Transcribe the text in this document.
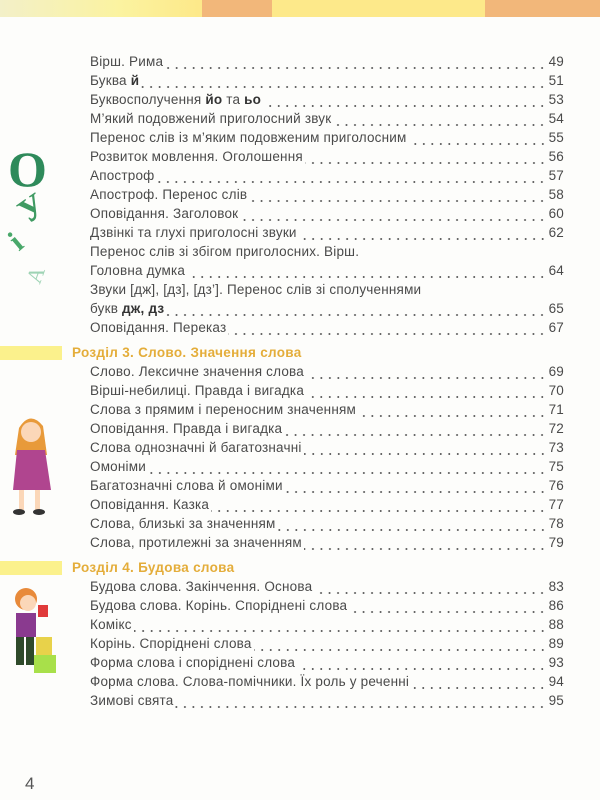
О
У
і
А
Вірш. Рима	49
Буква й	51
Буквосполучення йо та ьо	53
М’який подовжений приголосний звук	54
Перенос слів із м’яким подовженим приголосним	55
Розвиток мовлення. Оголошення	56
Апостроф	57
Апостроф. Перенос слів	58
Оповідання. Заголовок	60
Дзвінкі та глухі приголосні звуки	62
Перенос слів зі збігом приголосних. Вірш.
Головна думка	64
Звуки [дж], [дз], [дз’]. Перенос слів зі сполученнями
букв дж, дз	65
Оповідання. Переказ	67
Розділ 3. Слово. Значення слова
Слово. Лексичне значення слова	69
Вірші-небилиці. Правда і вигадка	70
Слова з прямим і переносним значенням	71
Оповідання. Правда і вигадка	72
Слова однозначні й багатозначні	73
Омоніми	75
Багатозначні слова й омоніми	76
Оповідання. Казка	77
Слова, близькі за значенням	78
Слова, протилежні за значенням	79
Розділ 4. Будова слова
Будова слова. Закінчення. Основа	83
Будова слова. Корінь. Споріднені слова	86
Комікс	88
Корінь. Споріднені слова	89
Форма слова і споріднені слова	93
Форма слова. Слова-помічники. Їх роль у реченні	94
Зимові свята	95
4
